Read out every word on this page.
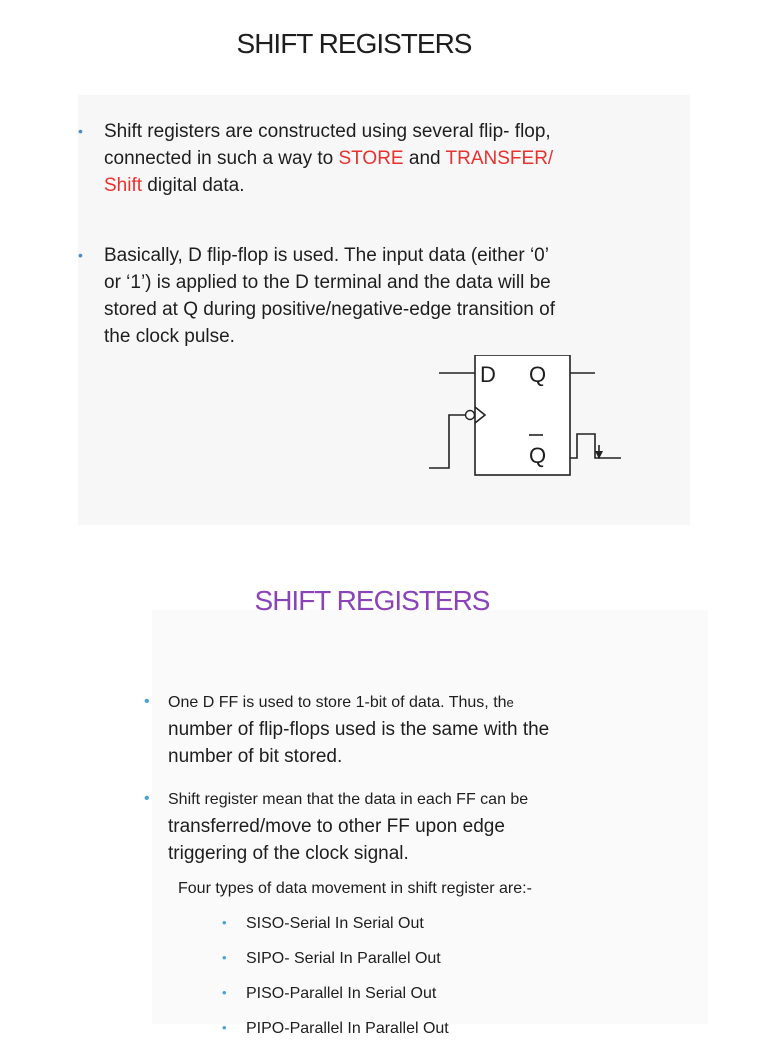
SHIFT REGISTERS
• Shift registers are constructed using several flip- flop,
connected in such a way to STORE and TRANSFER/
Shift digital data.
• Basically, D flip-flop is used. The input data (either ‘0’
or ‘1’) is applied to the D terminal and the data will be
stored at Q during positive/negative-edge transition of
the clock pulse.
D Q
Q
SHIFT REGISTERS
• One D FF is used to store 1-bit of data. Thus, the
number of flip-flops used is the same with the
number of bit stored.
• Shift register mean that the data in each FF can be
transferred/move to other FF upon edge
triggering of the clock signal.
Four types of data movement in shift register are:-
• SISO-Serial In Serial Out
• SIPO- Serial In Parallel Out
• PISO-Parallel In Serial Out
• PIPO-Parallel In Parallel Out
